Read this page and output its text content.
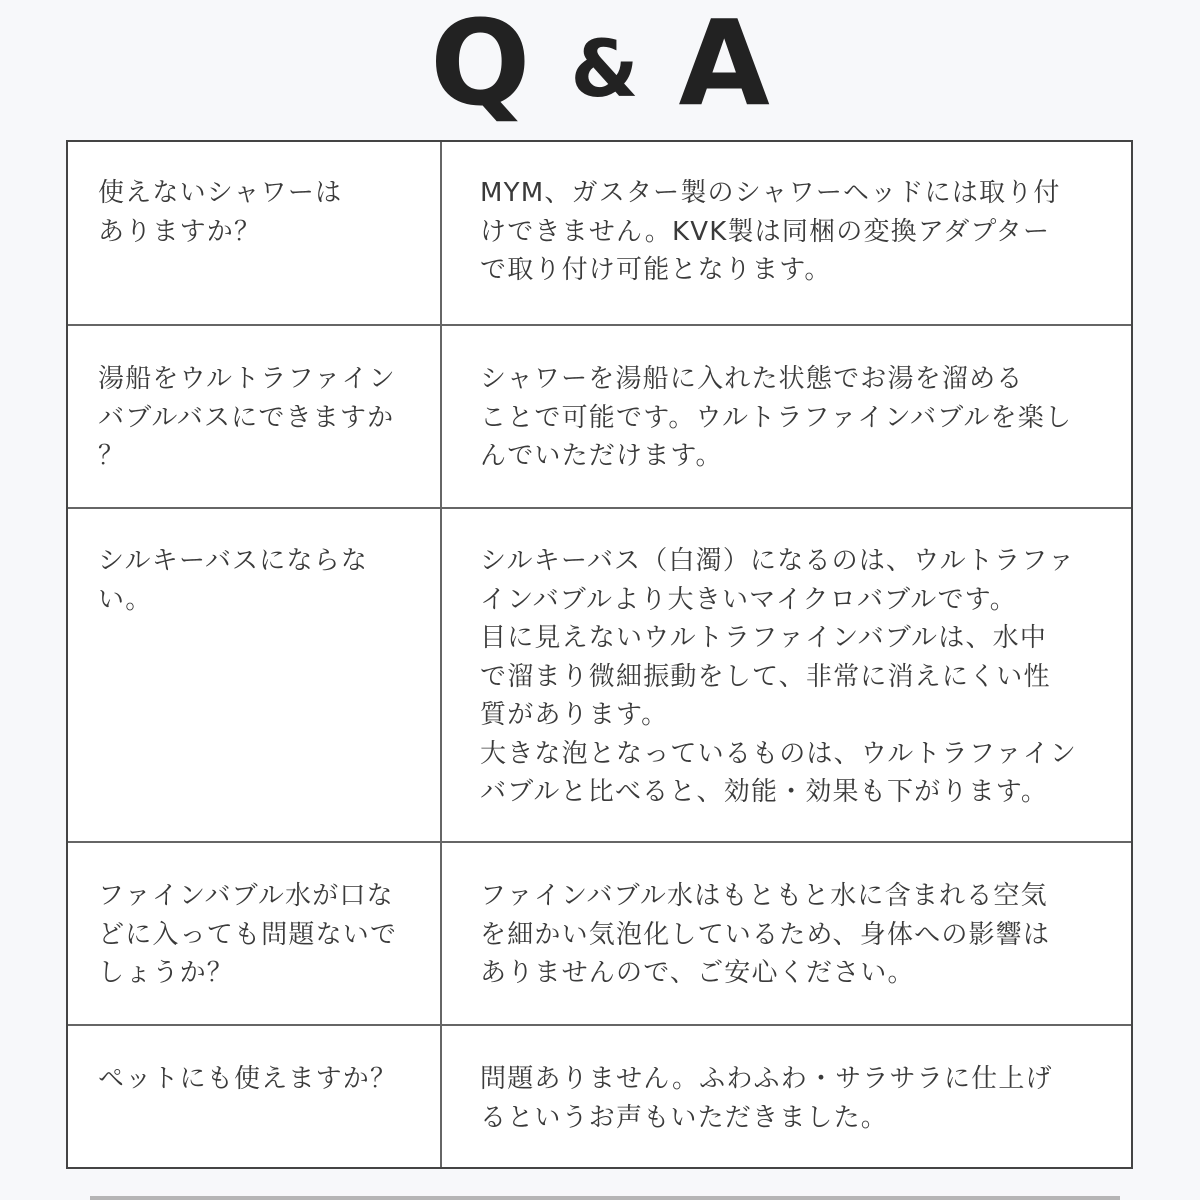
Q & A
使えないシャワーは
ありますか？
MYM、ガスター製のシャワーヘッドには取り付
けできません。KVK製は同梱の変換アダプター
で取り付け可能となります。
湯船をウルトラファイン
バブルバスにできますか
？
シャワーを湯船に入れた状態でお湯を溜める
ことで可能です。ウルトラファインバブルを楽し
んでいただけます。
シルキーバスにならな
い。
シルキーバス（白濁）になるのは、ウルトラファ
インバブルより大きいマイクロバブルです。
目に見えないウルトラファインバブルは、水中
で溜まり微細振動をして、非常に消えにくい性
質があります。
大きな泡となっているものは、ウルトラファイン
バブルと比べると、効能・効果も下がります。
ファインバブル水が口な
どに入っても問題ないで
しょうか？
ファインバブル水はもともと水に含まれる空気
を細かい気泡化しているため、身体への影響は
ありませんので、ご安心ください。
ペットにも使えますか？	問題ありません。ふわふわ・サラサラに仕上げ
るというお声もいただきました。
